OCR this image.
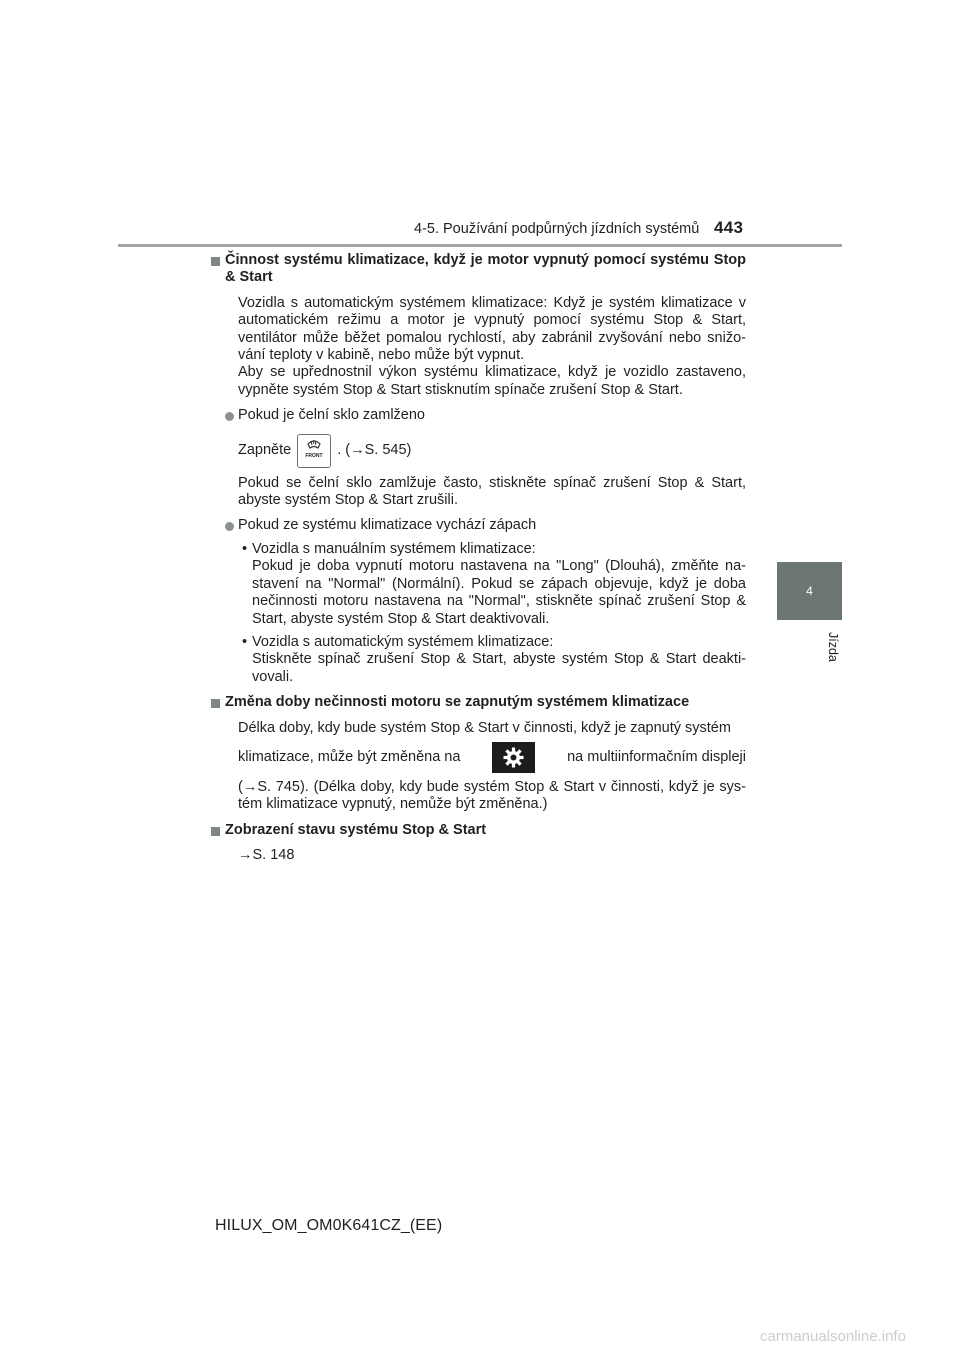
4-5. Používání podpůrných jízdních systémů 443
4
Jízda
Činnost systému klimatizace, když je motor vypnutý pomocí systému Stop & Start
Vozidla s automatickým systémem klimatizace: Když je systém klimatizace v automatickém režimu a motor je vypnutý pomocí systému Stop & Start, ventilátor může běžet pomalou rychlostí, aby zabránil zvyšování nebo snižo-vání teploty v kabině, nebo může být vypnut.
Aby se upřednostnil výkon systému klimatizace, když je vozidlo zastaveno, vypněte systém Stop & Start stisknutím spínače zrušení Stop & Start.
Pokud je čelní sklo zamlženo
Zapněte	FRONT . (→S. 545)
Pokud se čelní sklo zamlžuje často, stiskněte spínač zrušení Stop & Start, abyste systém Stop & Start zrušili.
Pokud ze systému klimatizace vychází zápach
• Vozidla s manuálním systémem klimatizace:
Pokud je doba vypnutí motoru nastavena na "Long" (Dlouhá), změňte na-stavení na "Normal" (Normální). Pokud se zápach objevuje, když je doba nečinnosti motoru nastavena na "Normal", stiskněte spínač zrušení Stop & Start, abyste systém Stop & Start deaktivovali.
• Vozidla s automatickým systémem klimatizace:
Stiskněte spínač zrušení Stop & Start, abyste systém Stop & Start deakti-vovali.
Změna doby nečinnosti motoru se zapnutým systémem klimatizace
Délka doby, kdy bude systém Stop & Start v činnosti, když je zapnutý systém
klimatizace, může být změněna na	na multiinformačním displeji
(→S. 745). (Délka doby, kdy bude systém Stop & Start v činnosti, když je sys-tém klimatizace vypnutý, nemůže být změněna.)
Zobrazení stavu systému Stop & Start
→S. 148
HILUX_OM_OM0K641CZ_(EE)
carmanualsonline.info
